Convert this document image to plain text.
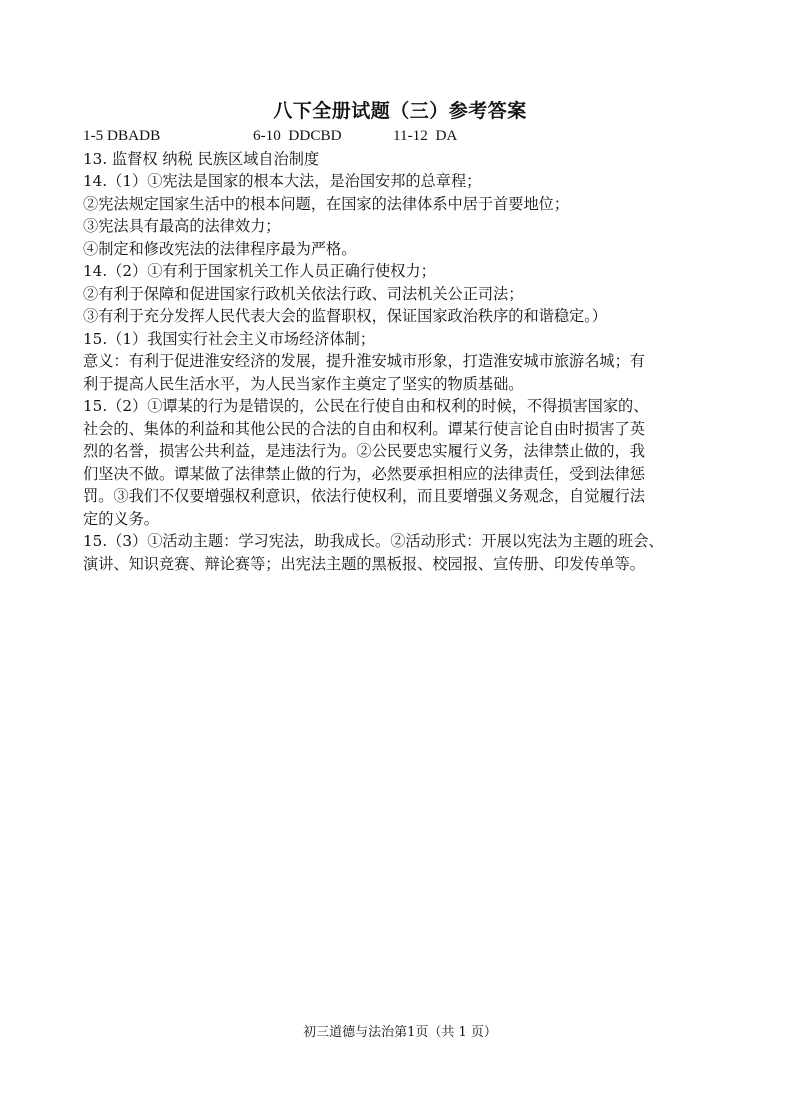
八下全册试题（三）参考答案
1-5 DBADB	6-10  DDCBD	11-12  DA
13. 监督权 纳税 民族区域自治制度
14.（1）①宪法是国家的根本大法，是治国安邦的总章程；
②宪法规定国家生活中的根本问题，在国家的法律体系中居于首要地位；
③宪法具有最高的法律效力；
④制定和修改宪法的法律程序最为严格。
14.（2）①有利于国家机关工作人员正确行使权力；
②有利于保障和促进国家行政机关依法行政、司法机关公正司法；
③有利于充分发挥人民代表大会的监督职权，保证国家政治秩序的和谐稳定。）
15.（1）我国实行社会主义市场经济体制；
意义：有利于促进淮安经济的发展，提升淮安城市形象，打造淮安城市旅游名城；有
利于提高人民生活水平，为人民当家作主奠定了坚实的物质基础。
15.（2）①谭某的行为是错误的，公民在行使自由和权利的时候，不得损害国家的、
社会的、集体的利益和其他公民的合法的自由和权利。谭某行使言论自由时损害了英
烈的名誉，损害公共利益，是违法行为。②公民要忠实履行义务，法律禁止做的，我
们坚决不做。谭某做了法律禁止做的行为，必然要承担相应的法律责任，受到法律惩
罚。③我们不仅要增强权利意识，依法行使权利，而且要增强义务观念，自觉履行法
定的义务。
15.（3）①活动主题：学习宪法，助我成长。②活动形式：开展以宪法为主题的班会、
演讲、知识竞赛、辩论赛等；出宪法主题的黑板报、校园报、宣传册、印发传单等。
初三道德与法治第1页（共 1 页）
